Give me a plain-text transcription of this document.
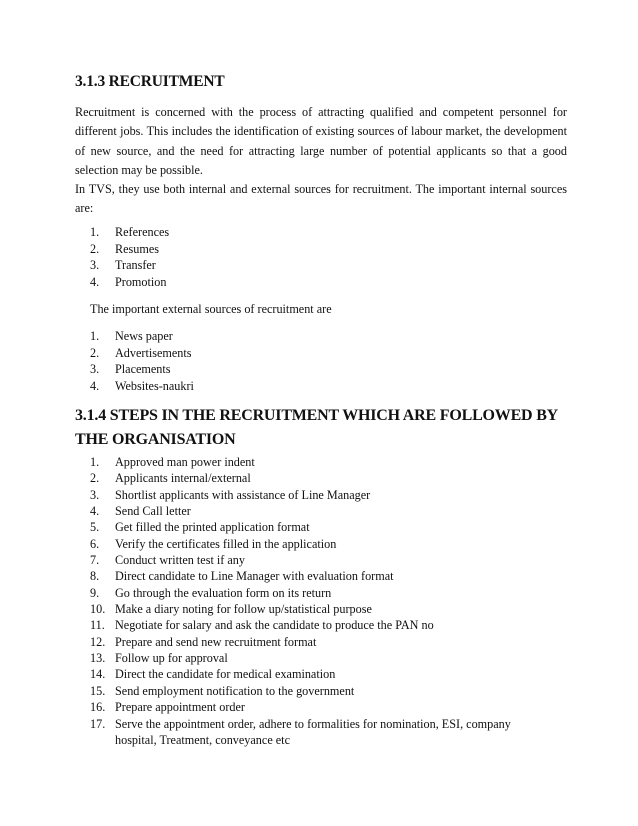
3.1.3 RECRUITMENT
Recruitment is concerned with the process of attracting qualified and competent personnel for different jobs. This includes the identification of existing sources of labour market, the development of new source, and the need for attracting large number of potential applicants so that a good selection may be possible.
In TVS, they use both internal and external sources for recruitment. The important internal sources are:
1. References
2. Resumes
3. Transfer
4. Promotion
The important external sources of recruitment are
1. News paper
2. Advertisements
3. Placements
4. Websites-naukri
3.1.4 STEPS IN THE RECRUITMENT WHICH ARE FOLLOWED BY THE ORGANISATION
1. Approved man power indent
2. Applicants internal/external
3. Shortlist applicants with assistance of Line Manager
4. Send Call letter
5. Get filled the printed application format
6. Verify the certificates filled in the application
7. Conduct written test if any
8. Direct candidate to Line Manager with evaluation format
9. Go through the evaluation form on its return
10. Make a diary noting for follow up/statistical purpose
11. Negotiate for salary and ask the candidate to produce the PAN no
12. Prepare and send new recruitment format
13. Follow up for approval
14. Direct the candidate for medical examination
15. Send employment notification to the government
16. Prepare appointment order
17. Serve the appointment order, adhere to formalities for nomination, ESI, company hospital, Treatment, conveyance etc
